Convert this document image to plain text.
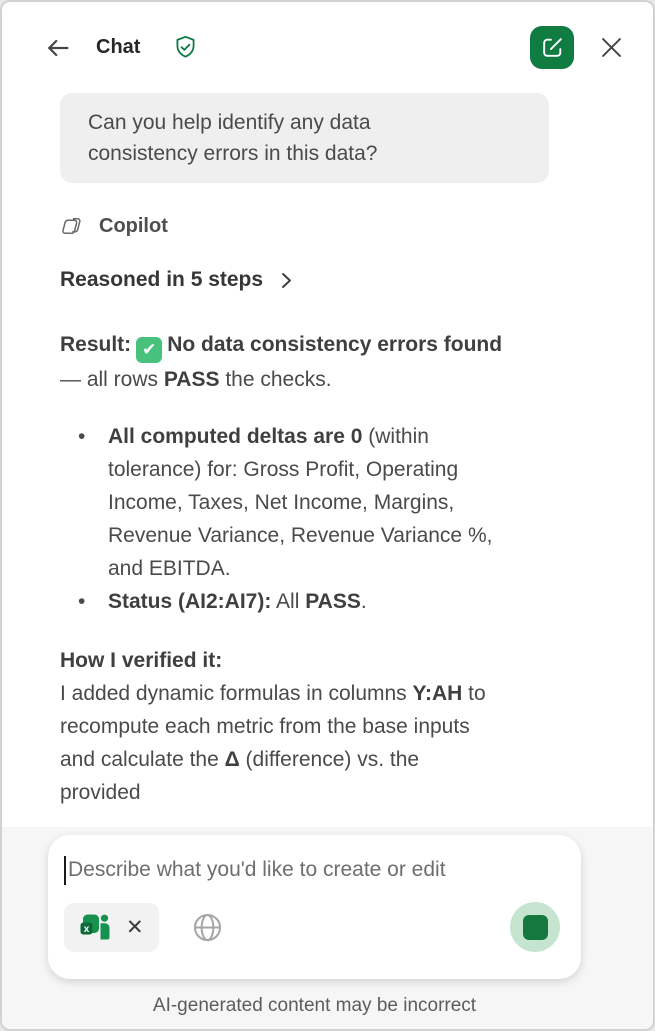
Chat
Can you help identify any data
consistency errors in this data?
Copilot
Reasoned in 5 steps
Result: ✔ No data consistency errors found
— all rows PASS the checks.
•	All computed deltas are 0 (within
tolerance) for: Gross Profit, Operating
Income, Taxes, Net Income, Margins,
Revenue Variance, Revenue Variance %,
and EBITDA.
•	Status (AI2:AI7): All PASS.
How I verified it:
I added dynamic formulas in columns Y:AH to
recompute each metric from the base inputs
and calculate the Δ (difference) vs. the
provided
Describe what you'd like to create or edit
x ✕
AI-generated content may be incorrect
